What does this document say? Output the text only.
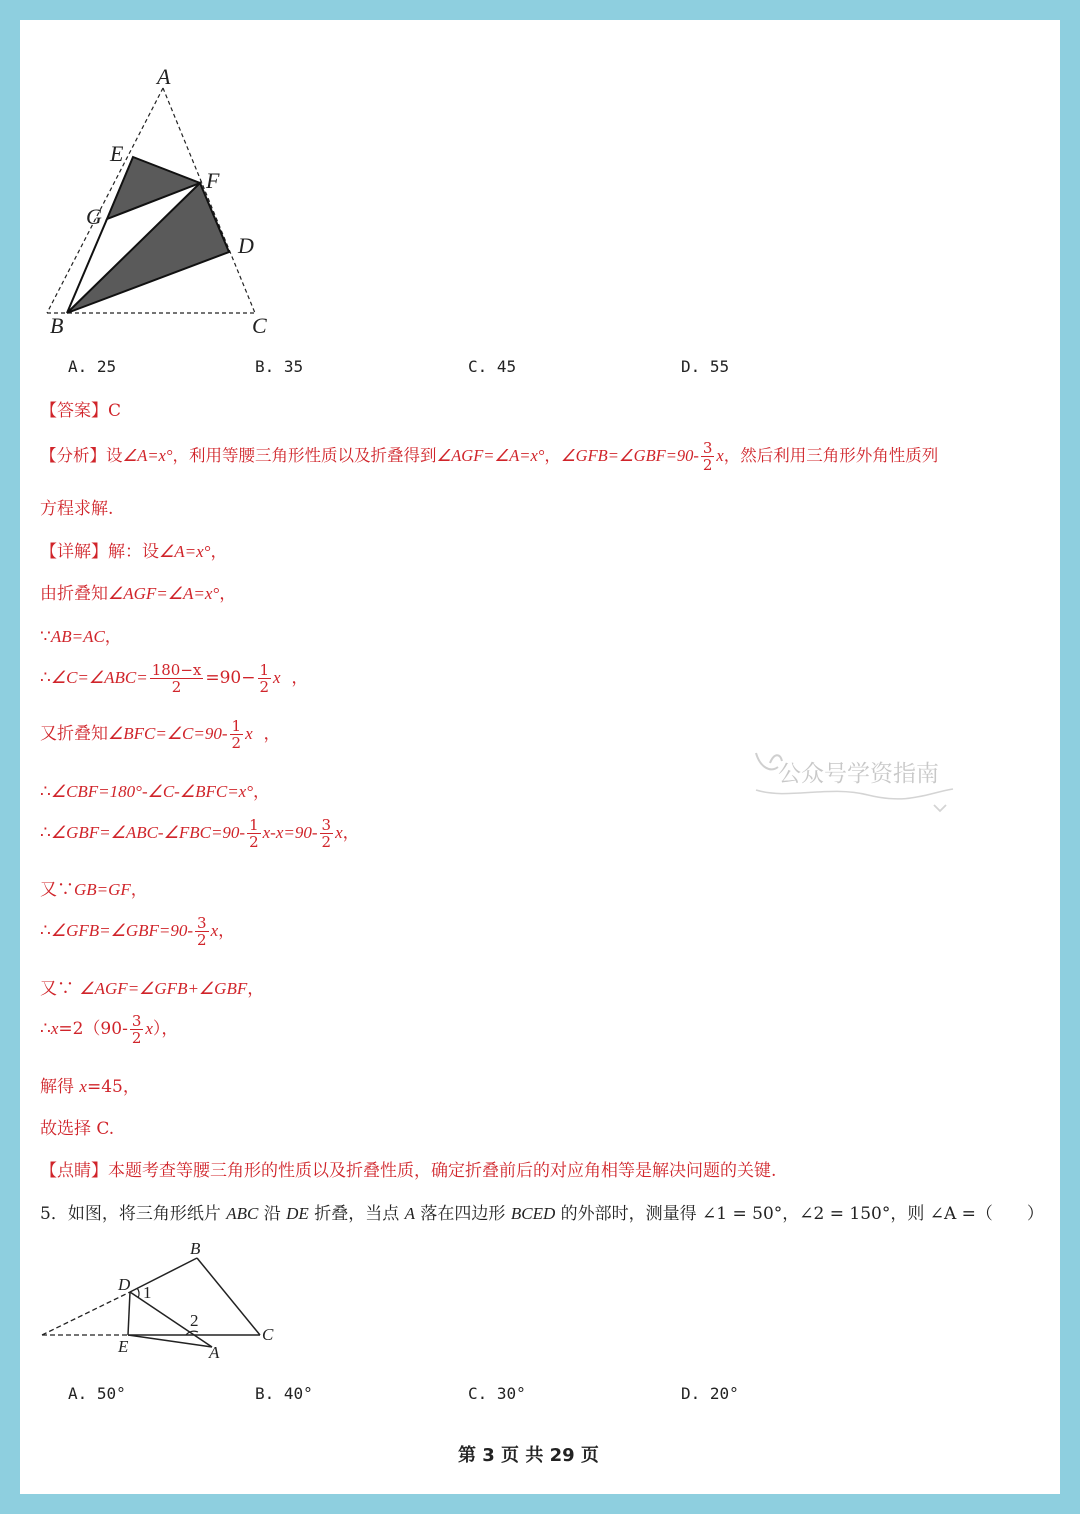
A
E
F
G
D
B	C
A. 25	B. 35	C. 45	D. 55
【答案】C
【分析】设∠A=x°，利用等腰三角形性质以及折叠得到∠AGF=∠A=x°，∠GFB=∠GBF=90- $\frac{3}{2}$ x，然后利用三角形外角性质列
方程求解.
【详解】解：设∠A=x°，
由折叠知∠AGF=∠A=x°，
∵AB=AC，
∴∠C=∠ABC= $\frac{180-x}{2} =90- \frac{1}{2}$ x ，
又折叠知∠BFC=∠C=90- $\frac{1}{2}$ x ，
∴∠CBF=180°-∠C-∠BFC=x°，
∴∠GBF=∠ABC-∠FBC=90- $\frac{1}{2} x-x=90- \frac{3}{2}$ x，
又∵GB=GF，
∴∠GFB=∠GBF=90- $\frac{3}{2}$ x，
又∵ ∠AGF=∠GFB+∠GBF，
∴x=2（90- $\frac{3}{2} x$），
解得 x=45，
故选择 C.
【点睛】本题考查等腰三角形的性质以及折叠性质，确定折叠前后的对应角相等是解决问题的关键.
公众号学资指南
5．如图，将三角形纸片 ABC 沿 DE 折叠，当点 A 落在四边形 BCED 的外部时，测量得 ∠1 = 50°，∠2 = 150°，则 ∠A =（　　）
B
D 1
2
C
E	A
A. 50°	B. 40°	C. 30°	D. 20°
第 3 页 共 29 页
